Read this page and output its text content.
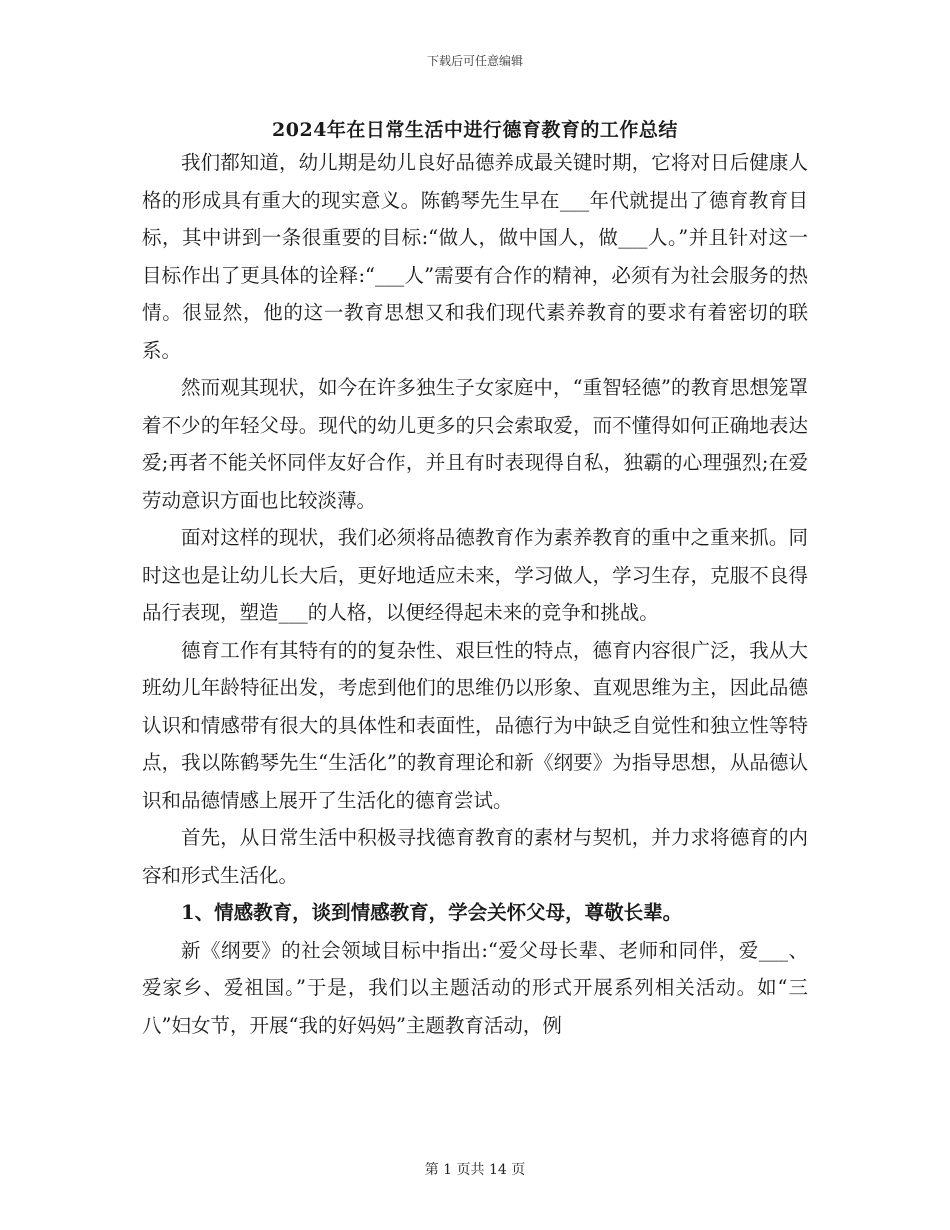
下载后可任意编辑
2024年在日常生活中进行德育教育的工作总结

我们都知道，幼儿期是幼儿良好品德养成最关键时期，它将对日后健康人格的形成具有重大的现实意义。陈鹤琴先生早在___年代就提出了德育教育目标，其中讲到一条很重要的目标:“做人，做中国人，做___人。”并且针对这一目标作出了更具体的诠释:“___人”需要有合作的精神，必须有为社会服务的热情。很显然，他的这一教育思想又和我们现代素养教育的要求有着密切的联系。

然而观其现状，如今在许多独生子女家庭中，“重智轻德”的教育思想笼罩着不少的年轻父母。现代的幼儿更多的只会索取爱，而不懂得如何正确地表达爱;再者不能关怀同伴友好合作，并且有时表现得自私，独霸的心理强烈;在爱劳动意识方面也比较淡薄。

面对这样的现状，我们必须将品德教育作为素养教育的重中之重来抓。同时这也是让幼儿长大后，更好地适应未来，学习做人，学习生存，克服不良得品行表现，塑造___的人格，以便经得起未来的竞争和挑战。

德育工作有其特有的的复杂性、艰巨性的特点，德育内容很广泛，我从大班幼儿年龄特征出发，考虑到他们的思维仍以形象、直观思维为主，因此品德认识和情感带有很大的具体性和表面性，品德行为中缺乏自觉性和独立性等特点，我以陈鹤琴先生“生活化”的教育理论和新《纲要》为指导思想，从品德认识和品德情感上展开了生活化的德育尝试。

首先，从日常生活中积极寻找德育教育的素材与契机，并力求将德育的内容和形式生活化。

1、情感教育，谈到情感教育，学会关怀父母，尊敬长辈。

新《纲要》的社会领域目标中指出:“爱父母长辈、老师和同伴，爱___、爱家乡、爱祖国。”于是，我们以主题活动的形式开展系列相关活动。如“三八”妇女节，开展“我的好妈妈”主题教育活动，例

第 1 页共 14 页
